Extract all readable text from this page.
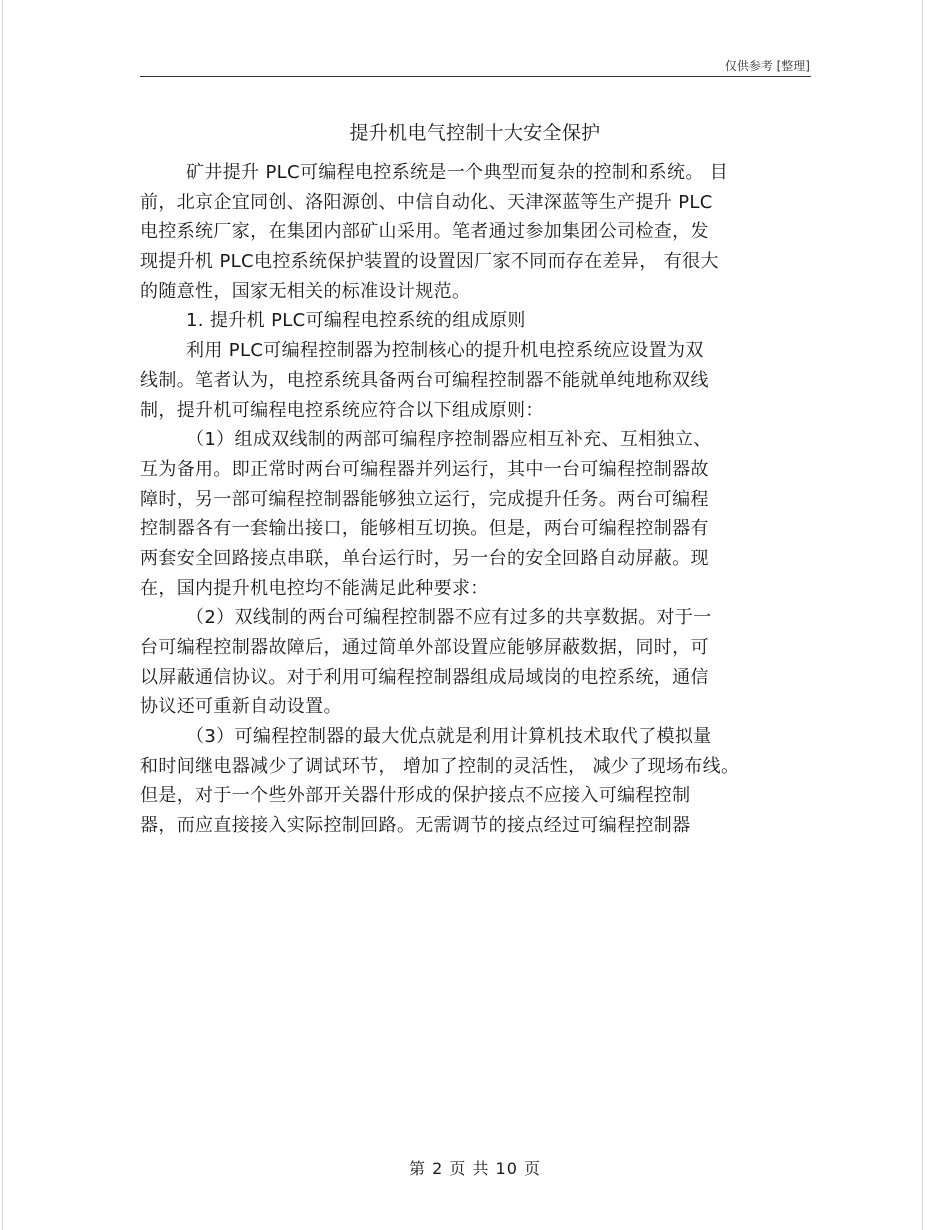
仅供参考 [整理]
提升机电气控制十大安全保护
矿井提升 PLC可编程电控系统是一个典型而复杂的控制和系统。 目
前，北京企宜同创、洛阳源创、中信自动化、天津深蓝等生产提升 PLC
电控系统厂家，在集团内部矿山采用。笔者通过参加集团公司检查，发
现提升机 PLC电控系统保护装置的设置因厂家不同而存在差异， 有很大
的随意性，国家无相关的标准设计规范。
1. 提升机 PLC可编程电控系统的组成原则
利用 PLC可编程控制器为控制核心的提升机电控系统应设置为双
线制。笔者认为，电控系统具备两台可编程控制器不能就单纯地称双线
制，提升机可编程电控系统应符合以下组成原则：
（1）组成双线制的两部可编程序控制器应相互补充、互相独立、
互为备用。即正常时两台可编程器并列运行，其中一台可编程控制器故
障时，另一部可编程控制器能够独立运行，完成提升任务。两台可编程
控制器各有一套输出接口，能够相互切换。但是，两台可编程控制器有
两套安全回路接点串联，单台运行时，另一台的安全回路自动屏蔽。现
在，国内提升机电控均不能满足此种要求：
（2）双线制的两台可编程控制器不应有过多的共享数据。对于一
台可编程控制器故障后，通过简单外部设置应能够屏蔽数据，同时，可
以屏蔽通信协议。对于利用可编程控制器组成局域岗的电控系统，通信
协议还可重新自动设置。
（3）可编程控制器的最大优点就是利用计算机技术取代了模拟量
和时间继电器减少了调试环节， 增加了控制的灵活性， 减少了现场布线。
但是，对于一个些外部开关器什形成的保护接点不应接入可编程控制
器，而应直接接入实际控制回路。无需调节的接点经过可编程控制器
第 2 页 共 10 页
